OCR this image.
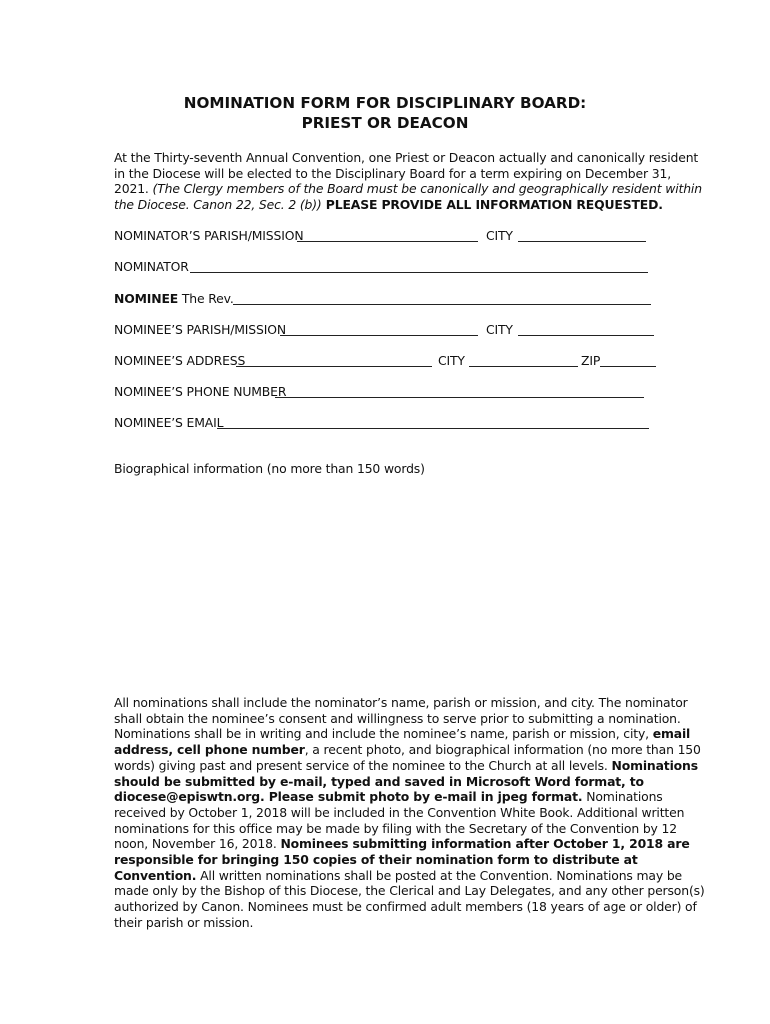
NOMINATION FORM FOR DISCIPLINARY BOARD:
PRIEST OR DEACON
At the Thirty-seventh Annual Convention, one Priest or Deacon actually and canonically resident
in the Diocese will be elected to the Disciplinary Board for a term expiring on December 31,
2021. (The Clergy members of the Board must be canonically and geographically resident within
the Diocese. Canon 22, Sec. 2 (b)) PLEASE PROVIDE ALL INFORMATION REQUESTED.
NOMINATOR’S PARISH/MISSION	CITY
NOMINATOR
NOMINEE The Rev.
NOMINEE’S PARISH/MISSION	CITY
NOMINEE’S ADDRESS	CITY	ZIP
NOMINEE’S PHONE NUMBER
NOMINEE’S EMAIL
Biographical information (no more than 150 words)
All nominations shall include the nominator’s name, parish or mission, and city. The nominator
shall obtain the nominee’s consent and willingness to serve prior to submitting a nomination.
Nominations shall be in writing and include the nominee’s name, parish or mission, city, email
address, cell phone number, a recent photo, and biographical information (no more than 150
words) giving past and present service of the nominee to the Church at all levels. Nominations
should be submitted by e-mail, typed and saved in Microsoft Word format, to
diocese@episwtn.org. Please submit photo by e-mail in jpeg format. Nominations
received by October 1, 2018 will be included in the Convention White Book. Additional written
nominations for this office may be made by filing with the Secretary of the Convention by 12
noon, November 16, 2018. Nominees submitting information after October 1, 2018 are
responsible for bringing 150 copies of their nomination form to distribute at
Convention. All written nominations shall be posted at the Convention. Nominations may be
made only by the Bishop of this Diocese, the Clerical and Lay Delegates, and any other person(s)
authorized by Canon. Nominees must be confirmed adult members (18 years of age or older) of
their parish or mission.
